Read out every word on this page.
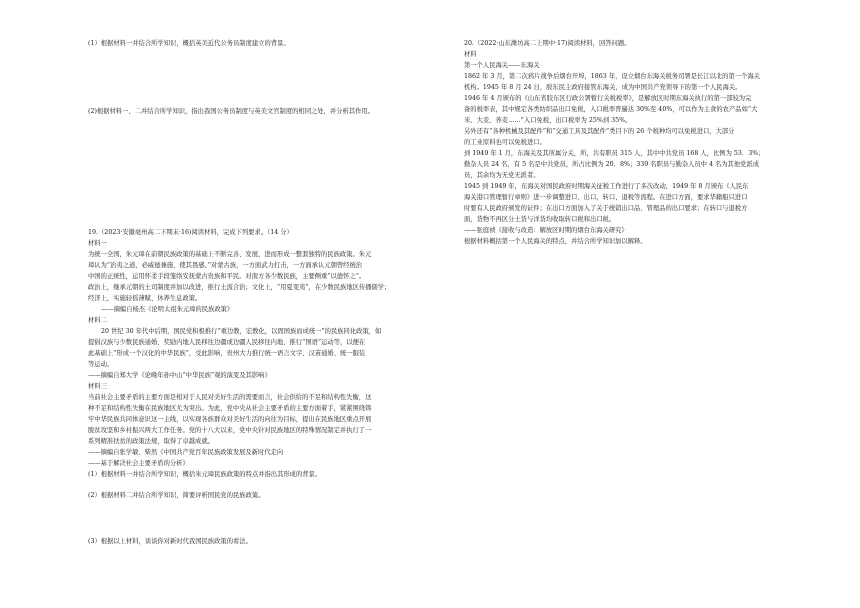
(1）根据材料一并结合所学知识，概括英美近代公务员制度建立的背景。
(2)根据材料一、二并结合所学知识，指出我国公务员制度与英美文官制度的相同之处，并分析其作用。
19.（2023·安徽亳州高二下期末·16)阅读材料，完成下列要求。（14 分）
材料一
为统一全国，朱元璋在前朝民族政策的基础上不断完善、发展，进而形成一整套独特的民族政策。朱元
璋认为“治夷之道，必威德兼施，使其畏感。”对蒙古族，一方面武力打击，一方面承认元朝曾经统治
中国的正统性，运用怀柔手段笼络安抚蒙古贵族和平民。对南方各少数民族，主要侧重“以德怀之”。
政治上，继承元朝的土司制度并加以改进，推行土流合治；文化上，“用夏变夷”，在少数民族地区传播儒学；
经济上，实施轻徭薄赋、休养生息政策。
——摘编自杨杰《论明太祖朱元璋的民族政策》
材料二
20 世纪 30 年代中后期，国民党积极推行“重边教，宏教化，以固国族而成统一”的民族同化政策，如
提倡汉族与少数民族通婚、奖励内地人民移往边疆或边疆人民移往内地、推行“国语”运动等，以便在
此基础上“形成一个汉化的中华民族”，受此影响，贵州大力推行统一语言文字、汉苗通婚、统一服装
等运动。
——摘编自郑大学《论晚年孙中山“中华民族”观的演变及其影响》
材料三
当前社会主要矛盾的主要方面是相对于人民对美好生活的需要而言，社会供给的不足和结构性失衡，这
种不足和结构性失衡在民族地区尤为突出。为此，党中央从社会主要矛盾的主要方面着手，紧紧围绕铸
牢中华民族共同体意识这一主线，以实现各族群众对美好生活的向往为目标，提出在民族地区重点开展
脱贫攻坚和乡村振兴两大工作任务。党的十八大以来，党中央针对民族地区的特殊情况制定并执行了一
系列精准扶贫的政策法规，取得了卓越成就。
——摘编自张学敏、柴然《中国共产党百年民族政策发展及新时代走向
——基于解决社会主要矛盾的分析》
(1）根据材料一并结合所学知识，概括朱元璋民族政策的特点并指出其形成的背景。
(2）根据材料二并结合所学知识，简要评析国民党的民族政策。
(3）根据以上材料，谈谈你对新时代我国民族政策的看法。
20.（2022·山东潍坊高二上期中·17)阅读材料，回答问题。
材料
第一个人民海关——东海关
1862 年 3 月，第二次鸦片战争后烟台开埠，1863 年，设立烟台东海关税务司署是长江以北的第一个海关
机构。1945 年 8 月 24 日，胶东民主政府接管东海关，成为中国共产党领导下的第一个人民海关。
1946 年 4 月颁布的《山东省胶东区行政公署暂行关税税率》，是解放区时期东海关执行的第一部较为完
备的税率表，其中规定各类纺织品出口免税，入口税率普遍达 30%至 40%，可以作为主食的农产品如“大
米、大麦、荞麦……”入口免税，出口税率为 25%到 35%。
另外还有“各种机械及其配件”和“交通工具及其配件”类目下的 26 个税种均可以免税进口，大部分
的工业原料也可以免税进口。
到 1949 年 1 月，东海关及其所属分关，所，共有职员 315 人，其中中共党员 168 人，比例为 53．3%；
勤杂人员 24 名，有 5 名是中共党员，所占比例为 20．8%；339 名职员与勤杂人员中 4 名为其他党派成
员，其余均为无党无派者。
1945 到 1949 年，东海关对国民政府时期海关征税工作进行了多次改动，1949 年 8 月颁布《人民东
海关港口管理暂行章则》进一步调整进口、出口，转口、退税等流程。在进口方面，要求华籍船只进口
时要有人民政府颁发的证件；在出口方面加入了关于统销出口品、管理品的出口要求；在转口与退税方
面，货物不再区分土货与洋货均收取转口税和出口税。
——张庭祯《接收与改造：解放区时期的烟台东海关研究》
根据材料概括第一个人民海关的特点，并结合所学知识加以解释。
